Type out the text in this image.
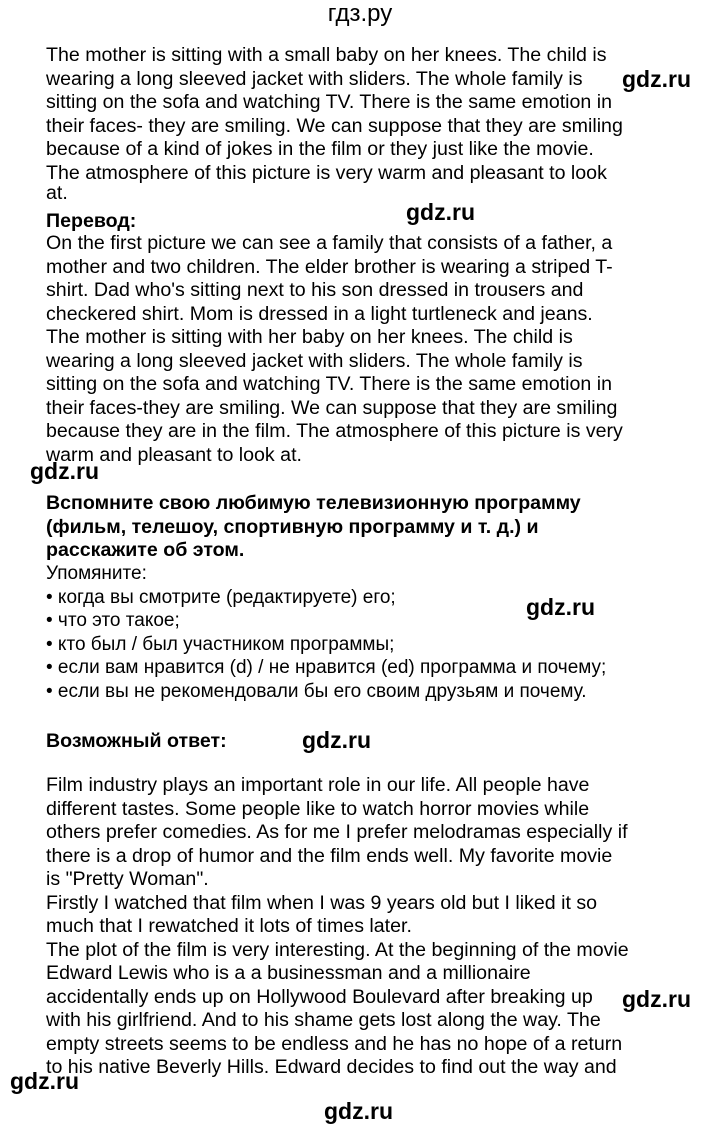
гдз.ру
The mother is sitting with a small baby on her knees. The child is
wearing a long sleeved jacket with sliders. The whole family is
sitting on the sofa and watching TV. There is the same emotion in
their faces- they are smiling. We can suppose that they are smiling
because of a kind of jokes in the film or they just like the movie.
The atmosphere of this picture is very warm and pleasant to look
at.
Перевод:
On the first picture we can see a family that consists of a father, a
mother and two children. The elder brother is wearing a striped T-
shirt. Dad who's sitting next to his son dressed in trousers and
checkered shirt. Mom is dressed in a light turtleneck and jeans.
The mother is sitting with her baby on her knees. The child is
wearing a long sleeved jacket with sliders. The whole family is
sitting on the sofa and watching TV. There is the same emotion in
their faces-they are smiling. We can suppose that they are smiling
because they are in the film. The atmosphere of this picture is very
warm and pleasant to look at.
Вспомните свою любимую телевизионную программу
(фильм, телешоу, спортивную программу и т. д.) и
расскажите об этом.
Упомяните:
• когда вы смотрите (редактируете) его;
• что это такое;
• кто был / был участником программы;
• если вам нравится (d) / не нравится (ed) программа и почему;
• если вы не рекомендовали бы его своим друзьям и почему.
Возможный ответ:
Film industry plays an important role in our life. All people have
different tastes. Some people like to watch horror movies while
others prefer comedies. As for me I prefer melodramas especially if
there is a drop of humor and the film ends well. My favorite movie
is "Pretty Woman".
Firstly I watched that film when I was 9 years old but I liked it so
much that I rewatched it lots of times later.
The plot of the film is very interesting. At the beginning of the movie
Edward Lewis who is a a businessman and a millionaire
accidentally ends up on Hollywood Boulevard after breaking up
with his girlfriend. And to his shame gets lost along the way. The
empty streets seems to be endless and he has no hope of a return
to his native Beverly Hills. Edward decides to find out the way and
gdz.ru
gdz.ru
gdz.ru
gdz.ru
gdz.ru
gdz.ru
gdz.ru
gdz.ru
